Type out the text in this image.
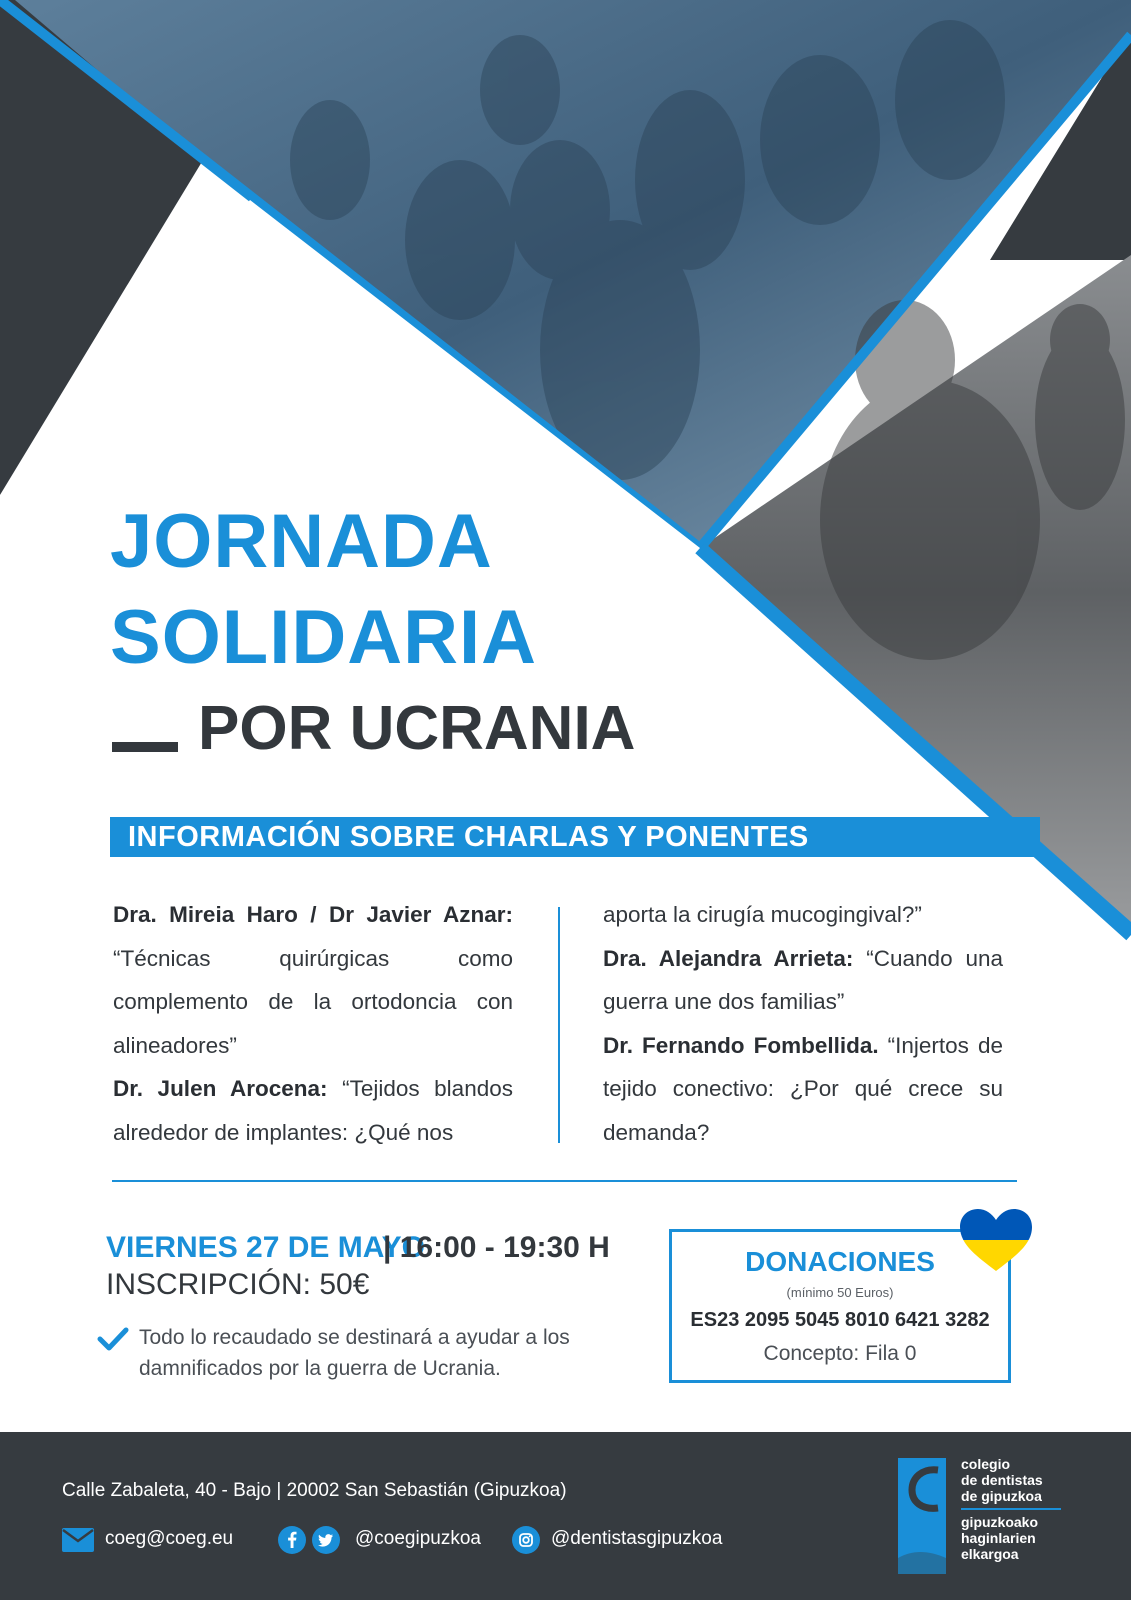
JORNADA
SOLIDARIA
POR UCRANIA
INFORMACIÓN SOBRE CHARLAS Y PONENTES

Dra. Mireia Haro / Dr Javier Aznar: “Técnicas quirúrgicas como complemento de la ortodoncia con alineadores”

Dr. Julen Arocena: “Tejidos blandos alrededor de implantes: ¿Qué nos

aporta la cirugía mucogingival?”

Dra. Alejandra Arrieta: “Cuando una guerra une dos familias”

Dr. Fernando Fombellida. “Injertos de tejido conectivo: ¿Por qué crece su demanda?

VIERNES 27 DE MAYO
| 16:00 - 19:30 H
INSCRIPCIÓN: 50€
Todo lo recaudado se destinará a ayudar a los damnificados por la guerra de Ucrania.
DONACIONES
(mínimo 50 Euros)
ES23 2095 5045 8010 6421 3282
Concepto: Fila 0
Calle Zabaleta, 40 - Bajo | 20002 San Sebastián (Gipuzkoa)
coeg@coeg.eu	@coegipuzkoa	@dentistasgipuzkoa
colegio
de dentistas
de gipuzkoa
gipuzkoako
haginlarien
elkargoa
